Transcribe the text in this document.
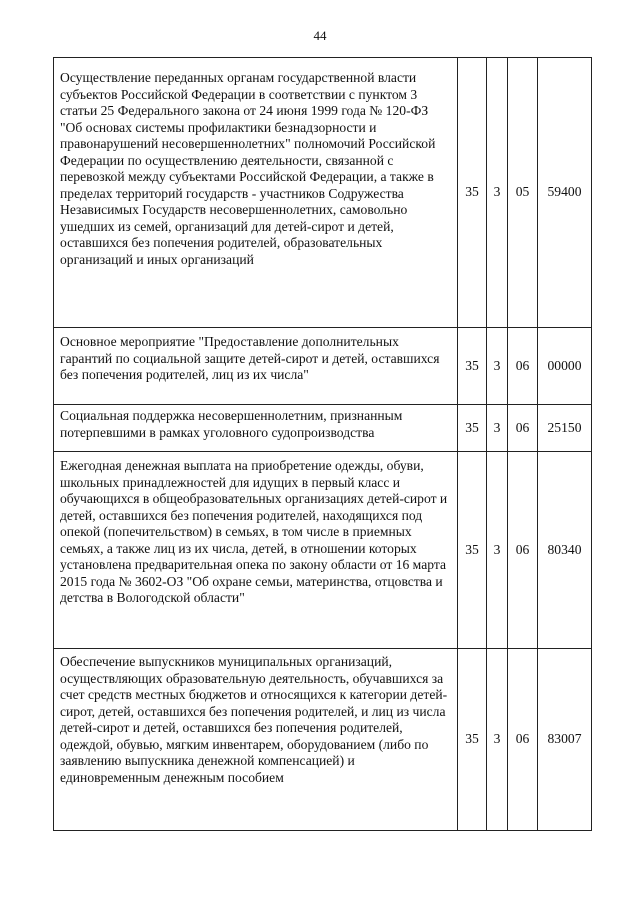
44
Осуществление переданных органам государственной власти субъектов Российской Федерации в соответствии с пунктом 3 статьи 25 Федерального закона от 24 июня 1999 года № 120-ФЗ "Об основах системы профилактики безнадзорности и правонарушений несовершеннолетних" полномочий Российской Федерации по осуществлению деятельности, связанной с перевозкой между субъектами Российской Федерации, а также в пределах территорий государств - участников Содружества Независимых Государств несовершеннолетних, самовольно ушедших из семей, организаций для детей-сирот и детей, оставшихся без попечения родителей, образовательных организаций и иных организаций	35	3	05	59400
Основное мероприятие "Предоставление дополнительных гарантий по социальной защите детей-сирот и детей, оставшихся без попечения родителей, лиц из их числа"	35	3	06	00000
Социальная поддержка несовершеннолетним, признанным потерпевшими в рамках уголовного судопроизводства	35	3	06	25150
Ежегодная денежная выплата на приобретение одежды, обуви, школьных принадлежностей для идущих в первый класс и обучающихся в общеобразовательных организациях детей-сирот и детей, оставшихся без попечения родителей, находящихся под опекой (попечительством) в семьях, в том числе в приемных семьях, а также лиц из их числа, детей, в отношении которых установлена предварительная опека по закону области от 16 марта 2015 года № 3602-ОЗ "Об охране семьи, материнства, отцовства и детства в Вологодской области"	35	3	06	80340
Обеспечение выпускников муниципальных организаций, осуществляющих образовательную деятельность, обучавшихся за счет средств местных бюджетов и относящихся к категории детей-сирот, детей, оставшихся без попечения родителей, и лиц из числа детей-сирот и детей, оставшихся без попечения родителей, одеждой, обувью, мягким инвентарем, оборудованием (либо по заявлению выпускника денежной компенсацией) и единовременным денежным пособием	35	3	06	83007
